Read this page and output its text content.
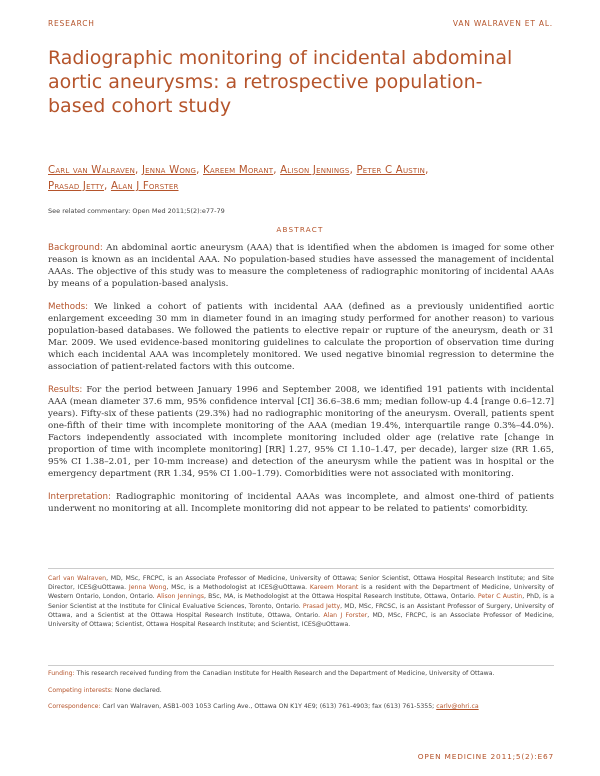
RESEARCH	VAN WALRAVEN ET AL.
Radiographic monitoring of incidental abdominal aortic aneurysms: a retrospective population-based cohort study
Carl van Walraven, Jenna Wong, Kareem Morant, Alison Jennings, Peter C Austin,
Prasad Jetty, Alan J Forster
See related commentary: Open Med 2011;5(2):e77-79
ABSTRACT

Background: An abdominal aortic aneurysm (AAA) that is identified when the abdomen is imaged for some other reason is known as an incidental AAA. No population-based studies have assessed the management of incidental AAAs. The objective of this study was to measure the completeness of radiographic monitoring of incidental AAAs by means of a population-based analysis.

Methods: We linked a cohort of patients with incidental AAA (defined as a previously unidentified aortic enlargement exceeding 30 mm in diameter found in an imaging study performed for another reason) to various population-based databases. We followed the patients to elective repair or rupture of the aneurysm, death or 31 Mar. 2009. We used evidence-based monitoring guidelines to calculate the proportion of observation time during which each incidental AAA was incompletely monitored. We used negative binomial regression to determine the association of patient-related factors with this outcome.

Results: For the period between January 1996 and September 2008, we identified 191 patients with incidental AAA (mean diameter 37.6 mm, 95% confidence interval [CI] 36.6–38.6 mm; median follow-up 4.4 [range 0.6–12.7] years). Fifty-six of these patients (29.3%) had no radiographic monitoring of the aneurysm. Overall, patients spent one-fifth of their time with incomplete monitoring of the AAA (median 19.4%, interquartile range 0.3%–44.0%). Factors independently associated with incomplete monitoring included older age (relative rate [change in proportion of time with incomplete monitoring] [RR] 1.27, 95% CI 1.10–1.47, per decade), larger size (RR 1.65, 95% CI 1.38–2.01, per 10-mm increase) and detection of the aneurysm while the patient was in hospital or the emergency department (RR 1.34, 95% CI 1.00–1.79). Comorbidities were not associated with monitoring.

Interpretation: Radiographic monitoring of incidental AAAs was incomplete, and almost one-third of patients underwent no monitoring at all. Incomplete monitoring did not appear to be related to patients' comorbidity.

Carl van Walraven, MD, MSc, FRCPC, is an Associate Professor of Medicine, University of Ottawa; Senior Scientist, Ottawa Hospital Research Institute; and Site Director, ICES@uOttawa. Jenna Wong, MSc, is a Methodologist at ICES@uOttawa. Kareem Morant is a resident with the Department of Medicine, University of Western Ontario, London, Ontario. Alison Jennings, BSc, MA, is Methodologist at the Ottawa Hospital Research Institute, Ottawa, Ontario. Peter C Austin, PhD, is a Senior Scientist at the Institute for Clinical Evaluative Sciences, Toronto, Ontario. Prasad Jetty, MD, MSc, FRCSC, is an Assistant Professor of Surgery, University of Ottawa, and a Scientist at the Ottawa Hospital Research Institute, Ottawa, Ontario. Alan J Forster, MD, MSc, FRCPC, is an Associate Professor of Medicine, University of Ottawa; Scientist, Ottawa Hospital Research Institute; and Scientist, ICES@uOttawa.
Funding: This research received funding from the Canadian Institute for Health Research and the Department of Medicine, University of Ottawa.
Competing interests: None declared.
Correspondence: Carl van Walraven, ASB1-003 1053 Carling Ave., Ottawa ON K1Y 4E9; (613) 761-4903; fax (613) 761-5355; carlv@ohri.ca
OPEN MEDICINE 2011;5(2):E67
